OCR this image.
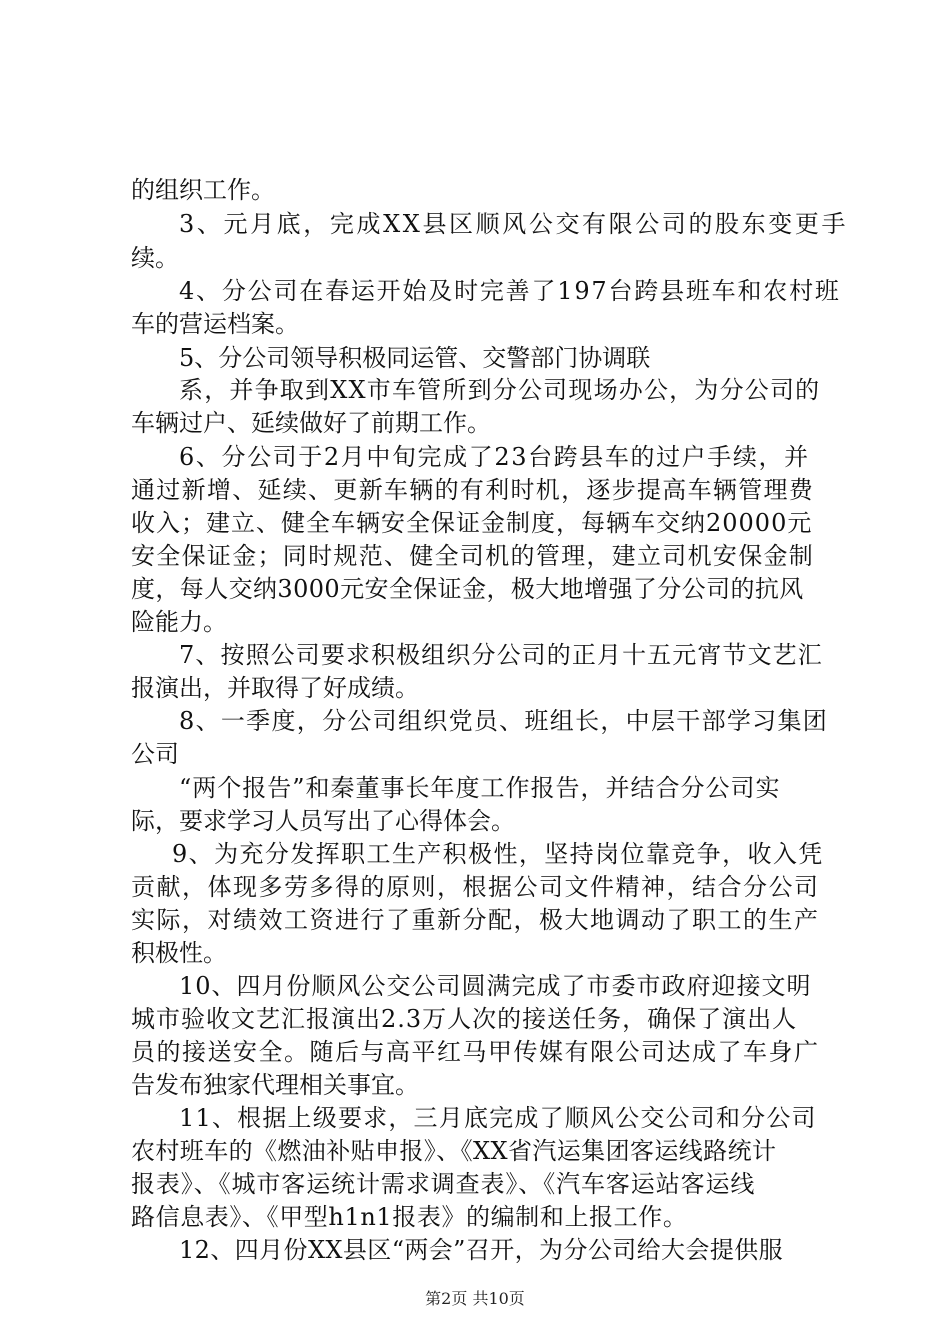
的组织工作。
3、元月底，完成XX县区顺风公交有限公司的股东变更手
续。
4、分公司在春运开始及时完善了197台跨县班车和农村班
车的营运档案。
5、分公司领导积极同运管、交警部门协调联
系，并争取到XX市车管所到分公司现场办公，为分公司的
车辆过户、延续做好了前期工作。
6、分公司于2月中旬完成了23台跨县车的过户手续，并
通过新增、延续、更新车辆的有利时机，逐步提高车辆管理费
收入；建立、健全车辆安全保证金制度，每辆车交纳20000元
安全保证金；同时规范、健全司机的管理，建立司机安保金制
度，每人交纳3000元安全保证金，极大地增强了分公司的抗风
险能力。
7、按照公司要求积极组织分公司的正月十五元宵节文艺汇
报演出，并取得了好成绩。
8、一季度，分公司组织党员、班组长，中层干部学习集团
公司
“两个报告”和秦董事长年度工作报告，并结合分公司实
际，要求学习人员写出了心得体会。
9、为充分发挥职工生产积极性，坚持岗位靠竞争，收入凭
贡献，体现多劳多得的原则，根据公司文件精神，结合分公司
实际，对绩效工资进行了重新分配，极大地调动了职工的生产
积极性。
10、四月份顺风公交公司圆满完成了市委市政府迎接文明
城市验收文艺汇报演出2.3万人次的接送任务，确保了演出人
员的接送安全。随后与高平红马甲传媒有限公司达成了车身广
告发布独家代理相关事宜。
11、根据上级要求，三月底完成了顺风公交公司和分公司
农村班车的《燃油补贴申报》、《XX省汽运集团客运线路统计
报表》、《城市客运统计需求调查表》、《汽车客运站客运线
路信息表》、《甲型h1n1报表》的编制和上报工作。
12、四月份XX县区“两会”召开，为分公司给大会提供服
第2页 共10页
